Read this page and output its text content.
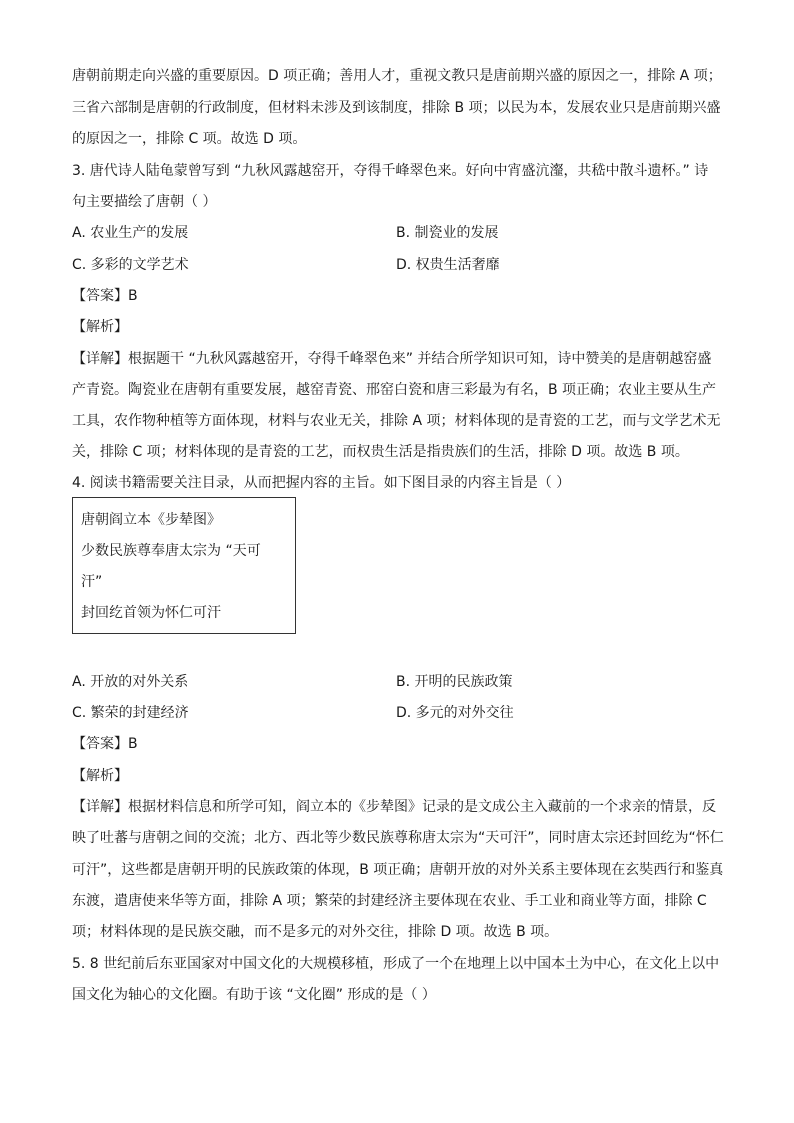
唐朝前期走向兴盛的重要原因。D 项正确；善用人才，重视文教只是唐前期兴盛的原因之一，排除 A 项；
三省六部制是唐朝的行政制度，但材料未涉及到该制度，排除 B 项；以民为本，发展农业只是唐前期兴盛
的原因之一，排除 C 项。故选 D 项。
3. 唐代诗人陆龟蒙曾写到 “九秋风露越窑开，夺得千峰翠色来。好向中宵盛沆瀣，共嵇中散斗遗杯。” 诗
句主要描绘了唐朝（ ）
A. 农业生产的发展	B. 制瓷业的发展
C. 多彩的文学艺术	D. 权贵生活奢靡
【答案】B
【解析】
【详解】根据题干 “九秋风露越窑开，夺得千峰翠色来” 并结合所学知识可知，诗中赞美的是唐朝越窑盛
产青瓷。陶瓷业在唐朝有重要发展，越窑青瓷、邢窑白瓷和唐三彩最为有名，B 项正确；农业主要从生产
工具，农作物种植等方面体现，材料与农业无关，排除 A 项；材料体现的是青瓷的工艺，而与文学艺术无
关，排除 C 项；材料体现的是青瓷的工艺，而权贵生活是指贵族们的生活，排除 D 项。故选 B 项。
4. 阅读书籍需要关注目录，从而把握内容的主旨。如下图目录的内容主旨是（ ）
唐朝阎立本《步辇图》
少数民族尊奉唐太宗为 “天可
汗”
封回纥首领为怀仁可汗
A. 开放的对外关系	B. 开明的民族政策
C. 繁荣的封建经济	D. 多元的对外交往
【答案】B
【解析】
【详解】根据材料信息和所学可知，阎立本的《步辇图》记录的是文成公主入藏前的一个求亲的情景，反
映了吐蕃与唐朝之间的交流；北方、西北等少数民族尊称唐太宗为“天可汗”，同时唐太宗还封回纥为“怀仁
可汗”，这些都是唐朝开明的民族政策的体现，B 项正确；唐朝开放的对外关系主要体现在玄奘西行和鉴真
东渡，遣唐使来华等方面，排除 A 项；繁荣的封建经济主要体现在农业、手工业和商业等方面，排除 C
项；材料体现的是民族交融，而不是多元的对外交往，排除 D 项。故选 B 项。
5. 8 世纪前后东亚国家对中国文化的大规模移植，形成了一个在地理上以中国本土为中心，在文化上以中
国文化为轴心的文化圈。有助于该 “文化圈” 形成的是（ ）
